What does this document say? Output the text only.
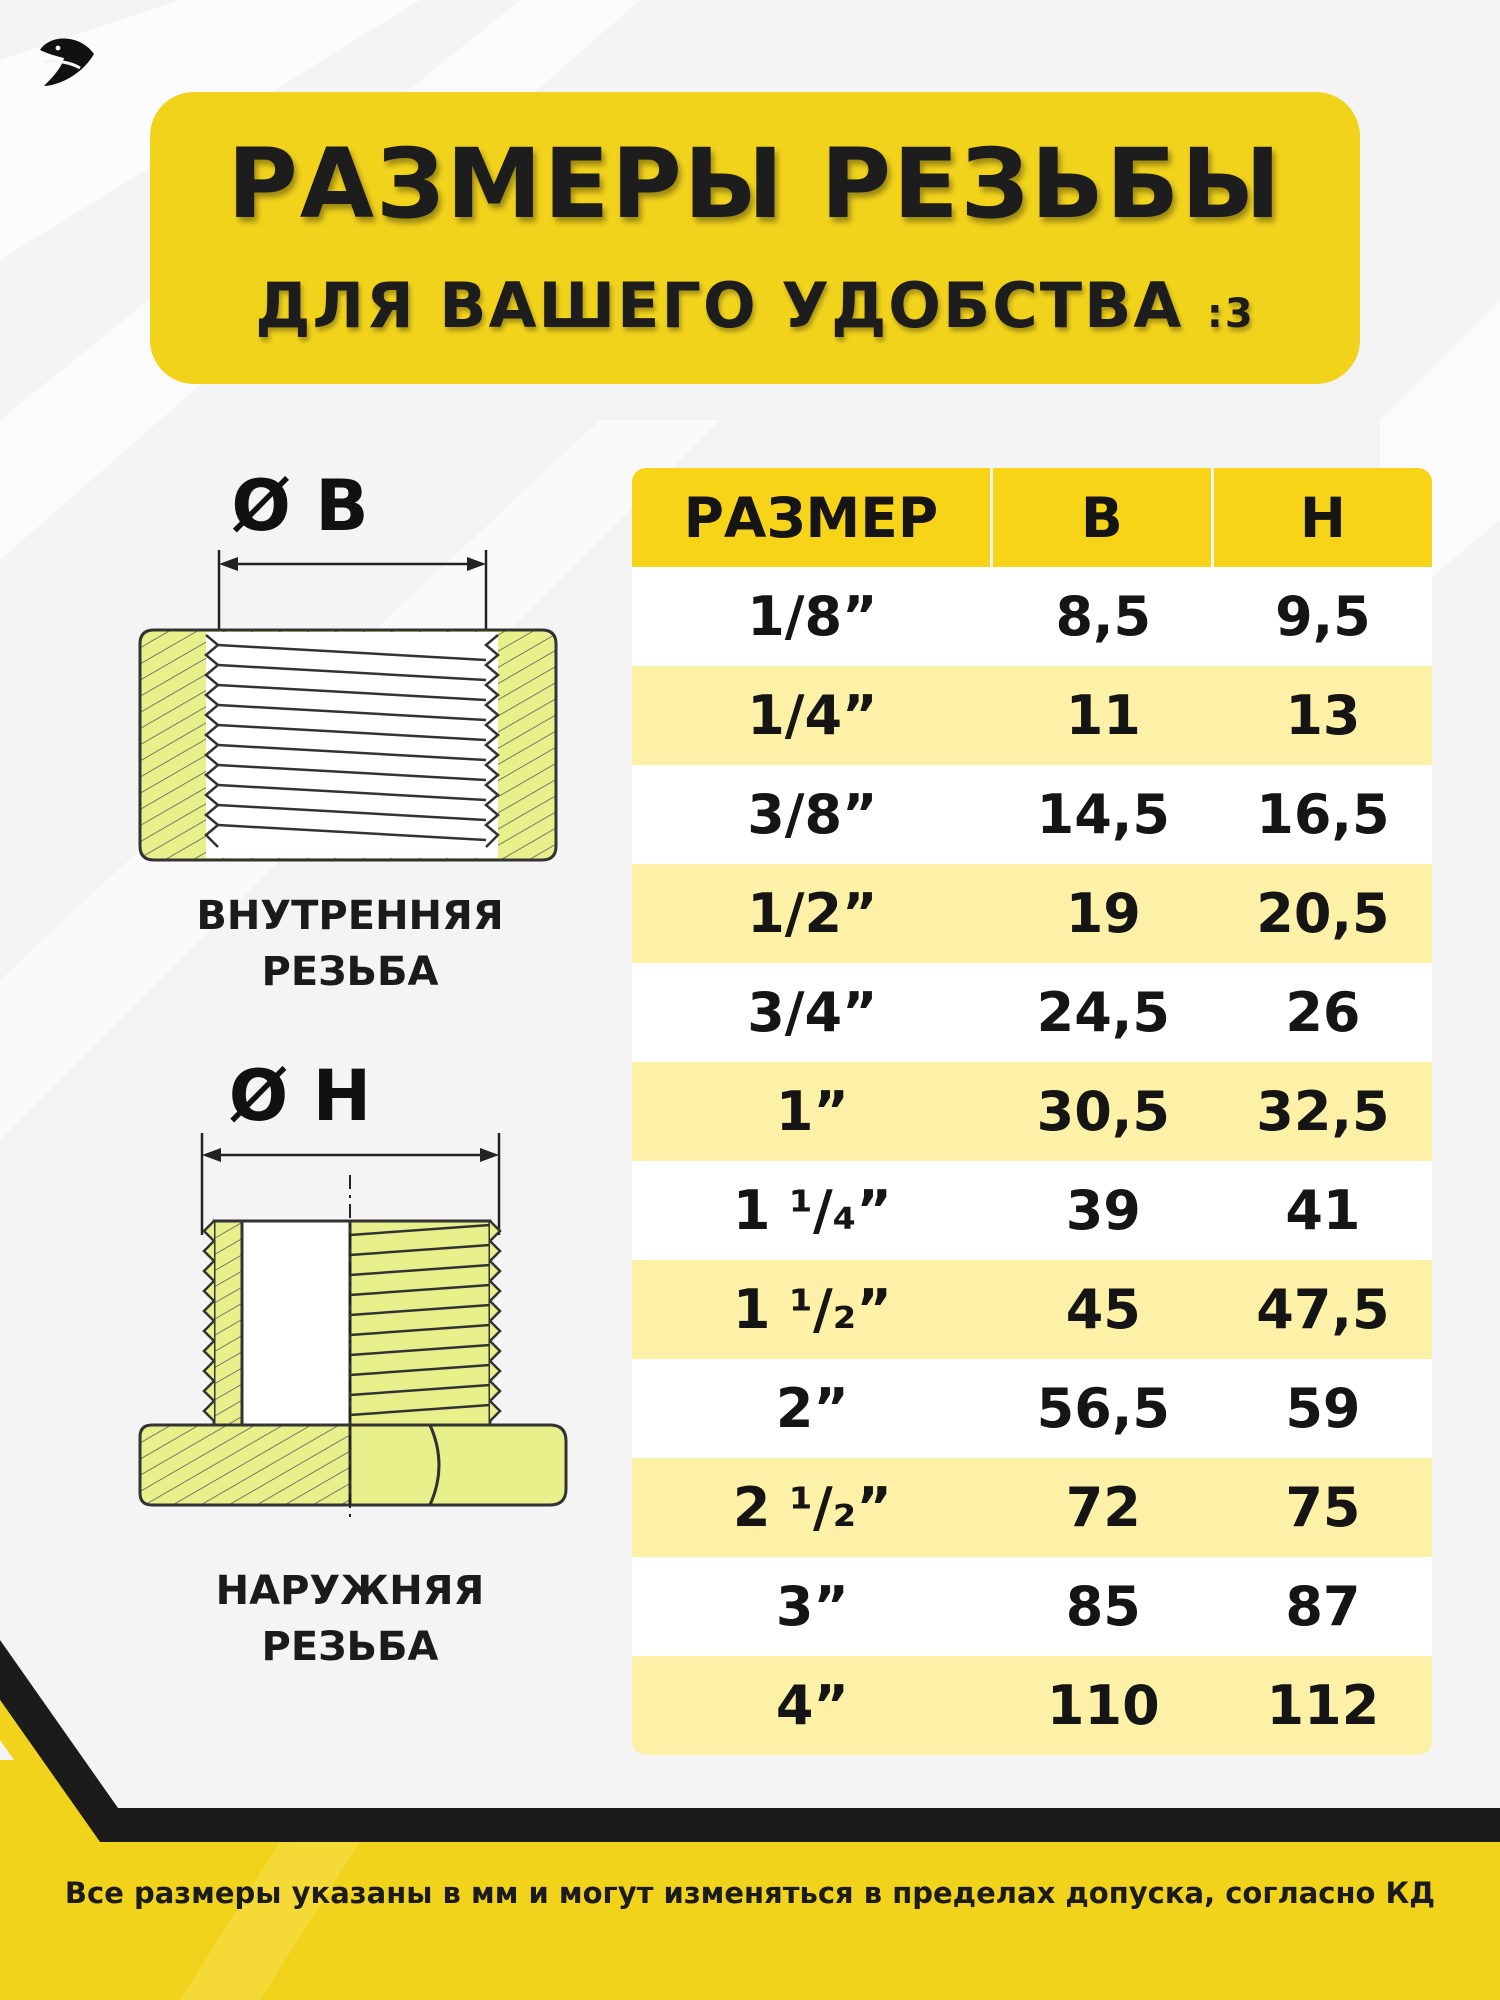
РАЗМЕРЫ РЕЗЬБЫ
ДЛЯ ВАШЕГО УДОБСТВА :3
Ø B
ВНУТРЕННЯЯ
РЕЗЬБА
Ø H
НАРУЖНЯЯ
РЕЗЬБА
РАЗМЕР	B	H
1/8”	8,5	9,5
1/4”	11	13
3/8”	14,5	16,5
1/2”	19	20,5
3/4”	24,5	26
1”	30,5	32,5
1 ¹/₄”	39	41
1 ¹/₂”	45	47,5
2”	56,5	59
2 ¹/₂”	72	75
3”	85	87
4”	110	112
Все размеры указаны в мм и могут изменяться в пределах допуска, согласно КД
